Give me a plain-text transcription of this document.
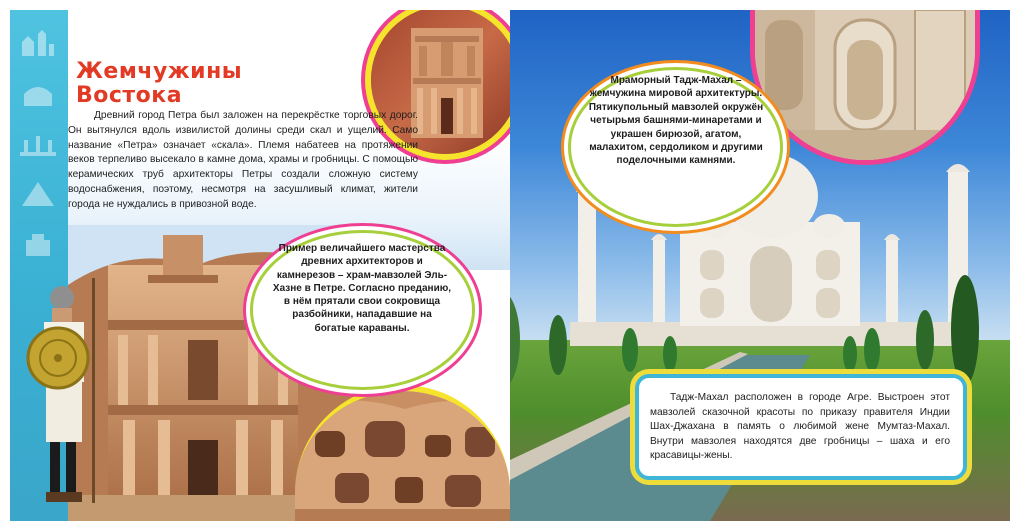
Жемчужины
Востока

Древний город Петра был заложен на перекрёстке торговых дорог. Он вытянулся вдоль извилистой долины среди скал и ущелий. Само название «Петра» означает «скала». Племя набатеев на протяжении веков терпеливо высекало в камне дома, храмы и гробницы. С помощью керамических труб архитекторы Петры создали сложную систему водоснабжения, поэтому, несмотря на засушливый климат, жители города не нуждались в привозной воде.

Пример величайшего мастерства древних архитекторов и камнерезов – храм-мавзолей Эль-Хазне в Петре. Согласно преданию, в нём прятали свои сокровища разбойники, нападавшие на богатые караваны.

Мраморный Тадж-Махал – жемчужина мировой архитектуры. Пятикупольный мавзолей окружён четырьмя башнями-минаретами и украшен бирюзой, агатом, малахитом, сердоликом и другими поделочными камнями.

Тадж-Махал расположен в городе Агре. Выстроен этот мавзолей сказочной красоты по приказу правителя Индии Шах-Джахана в память о любимой жене Мумтаз-Махал. Внутри мавзолея находятся две гробницы – шаха и его красавицы-жены.
